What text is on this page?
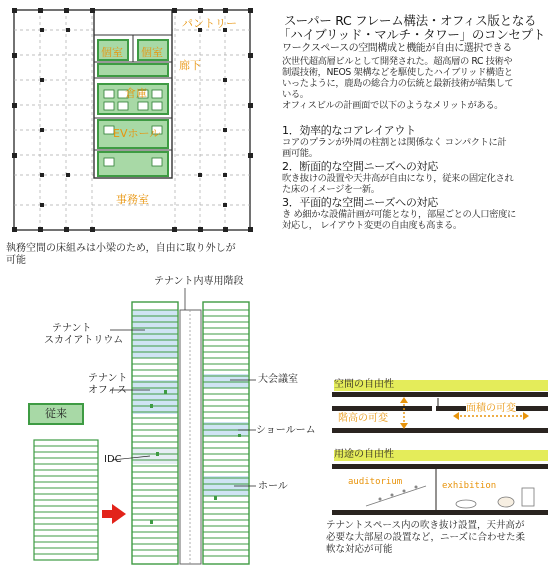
パントリー
個室 個室
廊下
倉庫
EVホール
事務室
執務空間の床組みは小梁のため，自由に取り外しが
可能
スーパー RC フレーム構法・オフィス版となる
「ハイブリッド・マルチ・タワー」のコンセプト
ワークスペースの空間構成と機能が自由に選択できる
次世代超高層ビルとして開発された。超高層の RC 技術や
制震技術，NEOS 架構などを駆使したハイブリッド構造と
いったように，鹿島の総合力の伝統と最新技術が結集して
いる。
オフィスビルの計画面で以下のようなメリットがある。
1．効率的なコアレイアウト
コアのプランが外周の柱割とは関係なく コンパクトに計
画可能。
2．断面的な空間ニーズへの対応
吹き抜けの設置や天井高が自由になり，従来の固定化され
た床のイメージを一新。
3．平面的な空間ニーズへの対応
き め細かな設備計画が可能となり，部屋ごとの人口密度に
対応し， レイアウト変更の自由度も高まる。
テナント内専用階段
テナント
スカイアトリウム
テナント
オフィス
IDC
大会議室
ショールーム
ホール
従来
空間の自由性
階高の可変
面積の可変
用途の自由性
auditorium	exhibition
テナントスペース内の吹き抜け設置，天井高が
必要な大部屋の設置など，ニーズに合わせた柔
軟な対応が可能
